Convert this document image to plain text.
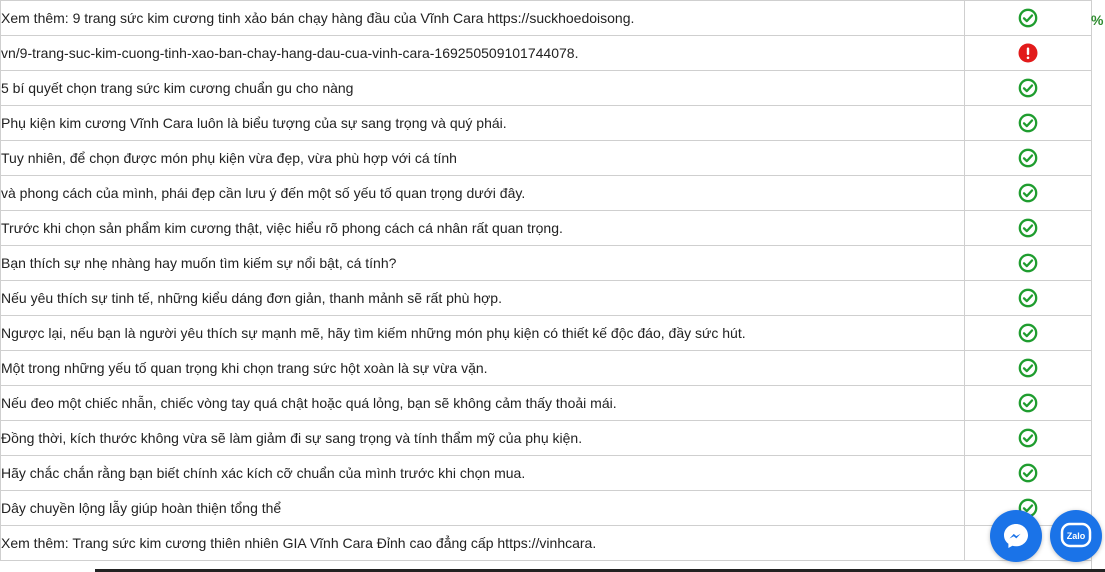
Xem thêm: 9 trang sức kim cương tinh xảo bán chạy hàng đầu của Vĩnh Cara https://suckhoedoisong.	
vn/9-trang-suc-kim-cuong-tinh-xao-ban-chay-hang-dau-cua-vinh-cara-169250509101744078.	
5 bí quyết chọn trang sức kim cương chuẩn gu cho nàng	
Phụ kiện kim cương Vĩnh Cara luôn là biểu tượng của sự sang trọng và quý phái.	
Tuy nhiên, để chọn được món phụ kiện vừa đẹp, vừa phù hợp với cá tính	
và phong cách của mình, phái đẹp cần lưu ý đến một số yếu tố quan trọng dưới đây.	
Trước khi chọn sản phẩm kim cương thật, việc hiểu rõ phong cách cá nhân rất quan trọng.	
Bạn thích sự nhẹ nhàng hay muốn tìm kiếm sự nổi bật, cá tính?	
Nếu yêu thích sự tinh tế, những kiểu dáng đơn giản, thanh mảnh sẽ rất phù hợp.	
Ngược lại, nếu bạn là người yêu thích sự mạnh mẽ, hãy tìm kiếm những món phụ kiện có thiết kế độc đáo, đầy sức hút.	
Một trong những yếu tố quan trọng khi chọn trang sức hột xoàn là sự vừa vặn.	
Nếu đeo một chiếc nhẫn, chiếc vòng tay quá chật hoặc quá lỏng, bạn sẽ không cảm thấy thoải mái.	
Đồng thời, kích thước không vừa sẽ làm giảm đi sự sang trọng và tính thẩm mỹ của phụ kiện.	
Hãy chắc chắn rằng bạn biết chính xác kích cỡ chuẩn của mình trước khi chọn mua.	
Dây chuyền lộng lẫy giúp hoàn thiện tổng thể	
Xem thêm: Trang sức kim cương thiên nhiên GIA Vĩnh Cara Đỉnh cao đẳng cấp https://vinhcara.	
%
Zalo
